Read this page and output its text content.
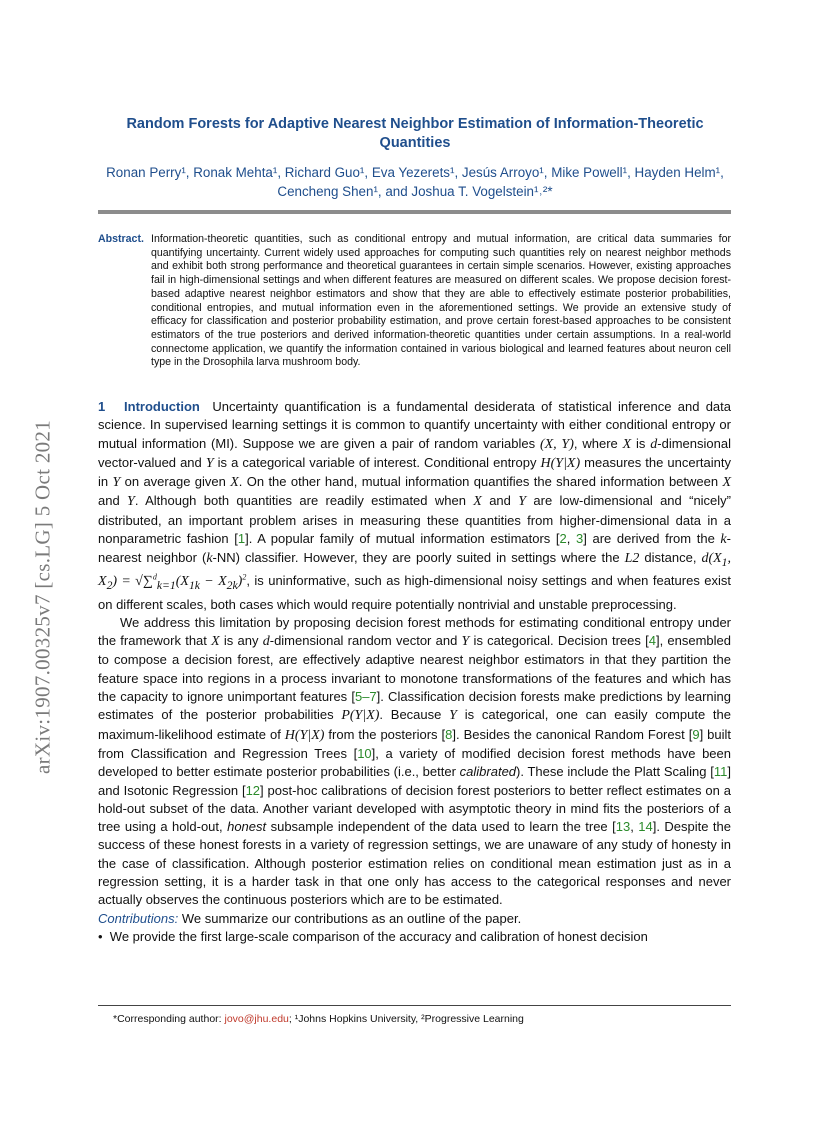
Random Forests for Adaptive Nearest Neighbor Estimation of Information-Theoretic Quantities
Ronan Perry¹, Ronak Mehta¹, Richard Guo¹, Eva Yezerets¹, Jesús Arroyo¹, Mike Powell¹, Hayden Helm¹, Cencheng Shen¹, and Joshua T. Vogelstein¹˒²*
Abstract. Information-theoretic quantities, such as conditional entropy and mutual information, are critical data summaries for quantifying uncertainty. Current widely used approaches for computing such quantities rely on nearest neighbor methods and exhibit both strong performance and theoretical guarantees in certain simple scenarios. However, existing approaches fail in high-dimensional settings and when different features are measured on different scales. We propose decision forest-based adaptive nearest neighbor estimators and show that they are able to effectively estimate posterior probabilities, conditional entropies, and mutual information even in the aforementioned settings. We provide an extensive study of efficacy for classification and posterior probability estimation, and prove certain forest-based approaches to be consistent estimators of the true posteriors and derived information-theoretic quantities under certain assumptions. In a real-world connectome application, we quantify the information contained in various biological and learned features about neuron cell type in the Drosophila larva mushroom body.
arXiv:1907.00325v7 [cs.LG] 5 Oct 2021

1 Introduction  Uncertainty quantification is a fundamental desiderata of statistical inference and data science. In supervised learning settings it is common to quantify uncertainty with either conditional entropy or mutual information (MI). Suppose we are given a pair of random variables (X, Y), where X is d-dimensional vector-valued and Y is a categorical variable of interest. Conditional entropy H(Y|X) measures the uncertainty in Y on average given X. On the other hand, mutual information quantifies the shared information between X and Y. Although both quantities are readily estimated when X and Y are low-dimensional and “nicely” distributed, an important problem arises in measuring these quantities from higher-dimensional data in a nonparametric fashion [1]. A popular family of mutual information estimators [2, 3] are derived from the k-nearest neighbor (k-NN) classifier. However, they are poorly suited in settings where the L2 distance, $d(X_1$, $X_2) = √\sum^d_{k=1}(X_{1k} - X_{2k})^2$, is uninformative, such as high-dimensional noisy settings and when features exist on different scales, both cases which would require potentially nontrivial and unstable preprocessing.

We address this limitation by proposing decision forest methods for estimating conditional entropy under the framework that X is any d-dimensional random vector and Y is categorical. Decision trees [4], ensembled to compose a decision forest, are effectively adaptive nearest neighbor estimators in that they partition the feature space into regions in a process invariant to monotone transformations of the features and which has the capacity to ignore unimportant features [5–7]. Classification decision forests make predictions by learning estimates of the posterior probabilities P(Y|X). Because Y is categorical, one can easily compute the maximum-likelihood estimate of H(Y|X) from the posteriors [8]. Besides the canonical Random Forest [9] built from Classification and Regression Trees [10], a variety of modified decision forest methods have been developed to better estimate posterior probabilities (i.e., better calibrated). These include the Platt Scaling [11] and Isotonic Regression [12] post-hoc calibrations of decision forest posteriors to better reflect estimates on a hold-out subset of the data. Another variant developed with asymptotic theory in mind fits the posteriors of a tree using a hold-out, honest subsample independent of the data used to learn the tree [13, 14]. Despite the success of these honest forests in a variety of regression settings, we are unaware of any study of honesty in the case of classification. Although posterior estimation relies on conditional mean estimation just as in a regression setting, it is a harder task in that one only has access to the categorical responses and never actually observes the continuous posteriors which are to be estimated.

Contributions: We summarize our contributions as an outline of the paper.

•  We provide the first large-scale comparison of the accuracy and calibration of honest decision

*Corresponding author: jovo@jhu.edu; ¹Johns Hopkins University, ²Progressive Learning
